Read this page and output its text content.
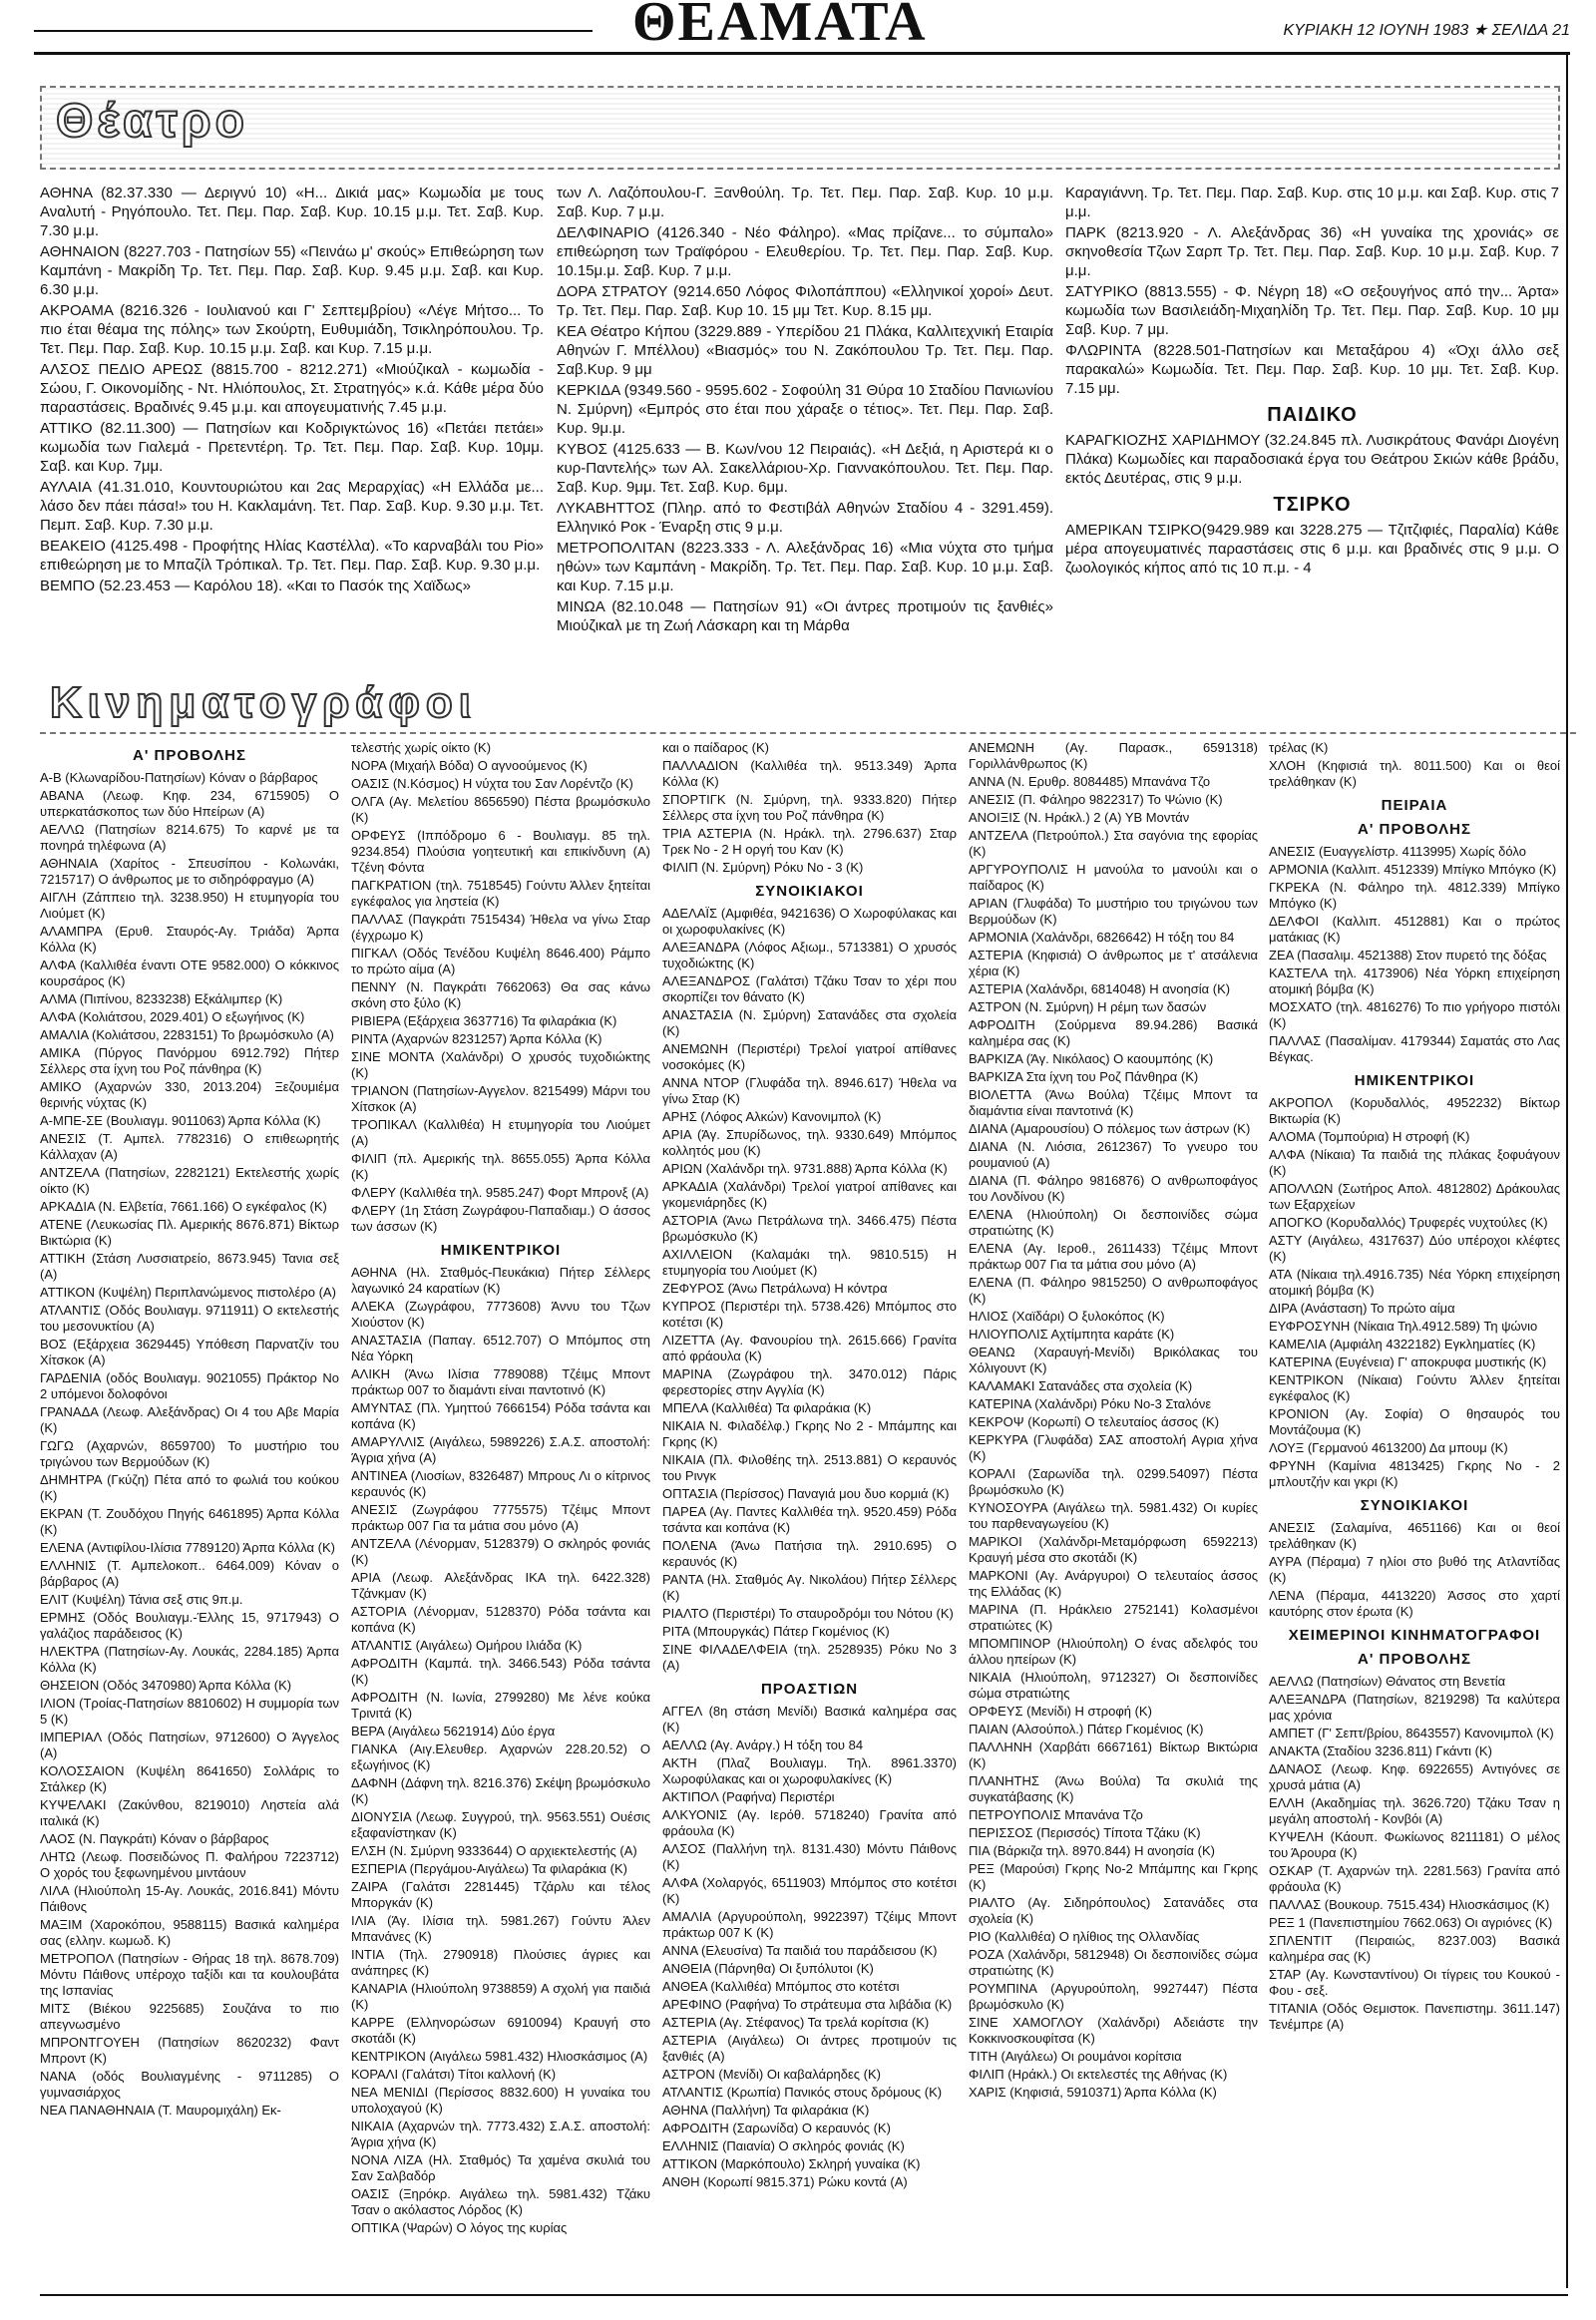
ΘΕΑΜΑΤΑ	ΚΥΡΙΑΚΗ 12 ΙΟΥΝΗ 1983 ★ ΣΕΛΙΔΑ 21
Θέατρο

ΑΘΗΝΑ (82.37.330 — Δεριγνύ 10) «Η... Δικιά μας» Κωμωδία με τους Αναλυτή - Ρηγόπουλο. Τετ. Πεμ. Παρ. Σαβ. Κυρ. 10.15 μ.μ. Τετ. Σαβ. Κυρ. 7.30 μ.μ.

ΑΘΗΝΑΙΟΝ (8227.703 - Πατησίων 55) «Πεινάω μ' σκούς» Επιθεώρηση των Καμπάνη - Μακρίδη Τρ. Τετ. Πεμ. Παρ. Σαβ. Κυρ. 9.45 μ.μ. Σαβ. και Κυρ. 6.30 μ.μ.

ΑΚΡΟΑΜΑ (8216.326 - Ιουλιανού και Γ' Σεπτεμβρίου) «Λέγε Μήτσο... Το πιο έται θέαμα της πόλης» των Σκούρτη, Ευθυμιάδη, Τσικληρόπουλου. Τρ. Τετ. Πεμ. Παρ. Σαβ. Κυρ. 10.15 μ.μ. Σαβ. και Κυρ. 7.15 μ.μ.

ΑΛΣΟΣ ΠΕΔΙΟ ΑΡΕΩΣ (8815.700 - 8212.271) «Μιούζικαλ - κωμωδία - Σώου, Γ. Οικονομίδης - Ντ. Ηλιόπουλος, Στ. Στρατηγός» κ.ά. Κάθε μέρα δύο παραστάσεις. Βραδινές 9.45 μ.μ. και απογευματινής 7.45 μ.μ.

ΑΤΤΙΚΟ (82.11.300) — Πατησίων και Κοδριγκτώνος 16) «Πετάει πετάει» κωμωδία των Γιαλεμά - Πρετεντέρη. Τρ. Τετ. Πεμ. Παρ. Σαβ. Κυρ. 10μμ. Σαβ. και Κυρ. 7μμ.

ΑΥΛΑΙΑ (41.31.010, Κουντουριώτου και 2ας Μεραρχίας) «Η Ελλάδα με... λάσο δεν πάει πάσα!» του Η. Κακλαμάνη. Τετ. Παρ. Σαβ. Κυρ. 9.30 μ.μ. Τετ. Πεμπ. Σαβ. Κυρ. 7.30 μ.μ.

ΒΕΑΚΕΙΟ (4125.498 - Προφήτης Ηλίας Καστέλλα). «Το καρναβάλι του Pio» επιθεώρηση με το Μπαζίλ Τρόπικαλ. Τρ. Τετ. Πεμ. Παρ. Σαβ. Κυρ. 9.30 μ.μ.

ΒΕΜΠΟ (52.23.453 — Καρόλου 18). «Και το Πασόκ της Χαϊδως»

των Λ. Λαζόπουλου-Γ. Ξανθούλη. Τρ. Τετ. Πεμ. Παρ. Σαβ. Κυρ. 10 μ.μ. Σαβ. Κυρ. 7 μ.μ.

ΔΕΛΦΙΝΑΡΙΟ (4126.340 - Νέο Φάληρο). «Μας πρίζανε... το σύμπαλο» επιθεώρηση των Τραϊφόρου - Ελευθερίου. Τρ. Τετ. Πεμ. Παρ. Σαβ. Κυρ. 10.15μ.μ. Σαβ. Κυρ. 7 μ.μ.

ΔΟΡΑ ΣΤΡΑΤΟΥ (9214.650 Λόφος Φιλοπάππου) «Ελληνικοί χοροί» Δευτ. Τρ. Τετ. Πεμ. Παρ. Σαβ. Κυρ 10. 15 μμ Τετ. Κυρ. 8.15 μμ.

ΚΕΑ Θέατρο Κήπου (3229.889 - Υπερίδου 21 Πλάκα, Καλλιτεχνική Εταιρία Αθηνών Γ. Μπέλλου) «Βιασμός» του Ν. Ζακόπουλου Τρ. Τετ. Πεμ. Παρ. Σαβ.Κυρ. 9 μμ

ΚΕΡΚΙΔΑ (9349.560 - 9595.602 - Σοφούλη 31 Θύρα 10 Σταδίου Πανιωνίου Ν. Σμύρνη) «Εμπρός στο έται που χάραξε ο τέτιος». Τετ. Πεμ. Παρ. Σαβ. Κυρ. 9μ.μ.

ΚΥΒΟΣ (4125.633 — Β. Κων/νου 12 Πειραιάς). «Η Δεξιά, η Αριστερά κι ο κυρ-Παντελής» των Αλ. Σακελλάριου-Χρ. Γιαννακόπουλου. Τετ. Πεμ. Παρ. Σαβ. Κυρ. 9μμ. Τετ. Σαβ. Κυρ. 6μμ.

ΛΥΚΑΒΗΤΤΟΣ (Πληρ. από το Φεστιβάλ Αθηνών Σταδίου 4 - 3291.459). Ελληνικό Ροκ - Έναρξη στις 9 μ.μ.

ΜΕΤΡΟΠΟΛΙΤΑΝ (8223.333 - Λ. Αλεξάνδρας 16) «Μια νύχτα στο τμήμα ηθών» των Καμπάνη - Μακρίδη. Τρ. Τετ. Πεμ. Παρ. Σαβ. Κυρ. 10 μ.μ. Σαβ. και Κυρ. 7.15 μ.μ.

ΜΙΝΩΑ (82.10.048 — Πατησίων 91) «Οι άντρες προτιμούν τις ξανθιές» Μιούζικαλ με τη Ζωή Λάσκαρη και τη Μάρθα

Καραγιάννη. Τρ. Τετ. Πεμ. Παρ. Σαβ. Κυρ. στις 10 μ.μ. και Σαβ. Κυρ. στις 7 μ.μ.

ΠΑΡΚ (8213.920 - Λ. Αλεξάνδρας 36) «Η γυναίκα της χρονιάς» σε σκηνοθεσία Τζων Σαρπ Τρ. Τετ. Πεμ. Παρ. Σαβ. Κυρ. 10 μ.μ. Σαβ. Κυρ. 7 μ.μ.

ΣΑΤΥΡΙΚΟ (8813.555) - Φ. Νέγρη 18) «Ο σεξουγήνος από την... Άρτα» κωμωδία των Βασιλειάδη-Μιχαηλίδη Τρ. Τετ. Πεμ. Παρ. Σαβ. Κυρ. 10 μμ Σαβ. Κυρ. 7 μμ.

ΦΛΩΡΙΝΤΑ (8228.501-Πατησίων και Μεταξάρου 4) «Όχι άλλο σεξ παρακαλώ» Κωμωδία. Τετ. Πεμ. Παρ. Σαβ. Κυρ. 10 μμ. Τετ. Σαβ. Κυρ. 7.15 μμ.

ΠΑΙΔΙΚΟ

ΚΑΡΑΓΚΙΟΖΗΣ ΧΑΡΙΔΗΜΟΥ (32.24.845 πλ. Λυσικράτους Φανάρι Διογένη Πλάκα) Κωμωδίες και παραδοσιακά έργα του Θεάτρου Σκιών κάθε βράδυ, εκτός Δευτέρας, στις 9 μ.μ.

ΤΣΙΡΚΟ

ΑΜΕΡΙΚΑΝ ΤΣΙΡΚΟ(9429.989 και 3228.275 — Τζιτζιφιές, Παραλία) Κάθε μέρα απογευματινές παραστάσεις στις 6 μ.μ. και βραδινές στις 9 μ.μ. Ο ζωολογικός κήπος από τις 10 π.μ. - 4

Κινηματογράφοι
Α' ΠΡΟΒΟΛΗΣ

Α-Β (Κλωναρίδου-Πατησίων) Κόναν ο βάρβαρος

ΑΒΑΝΑ (Λεωφ. Κηφ. 234, 6715905) Ο υπερκατάσκοπος των δύο Ηπείρων (Α)

ΑΕΛΛΩ (Πατησίων 8214.675) Το καρνέ με τα πονηρά τηλέφωνα (Α)

ΑΘΗΝΑΙΑ (Χαρίτος - Σπευσίπου - Κολωνάκι, 7215717) Ο άνθρωπος με το σιδηρόφραγμο (Α)

ΑΙΓΛΗ (Ζάππειο τηλ. 3238.950) Η ετυμηγορία του Λιούμετ (Κ)

ΑΛΑΜΠΡΑ (Ερυθ. Σταυρός-Αγ. Τριάδα) Άρπα Κόλλα (Κ)

ΑΛΦΑ (Καλλιθέα έναντι ΟΤΕ 9582.000) Ο κόκκινος κουρσάρος (Κ)

ΑΛΜΑ (Πιπίνου, 8233238) Εξκάλιμπερ (Κ)

ΑΛΦΑ (Κολιάτσου, 2029.401) Ο εξωγήινος (Κ)

ΑΜΑΛΙΑ (Κολιάτσου, 2283151) Το βρωμόσκυλο (Α)

ΑΜΙΚΑ (Πύργος Πανόρμου 6912.792) Πήτερ Σέλλερς στα ίχνη του Ροζ πάνθηρα (Κ)

ΑΜΙΚΟ (Αχαρνών 330, 2013.204) Ξεζουμιέμα θερινής νύχτας (Κ)

Α-ΜΠΕ-ΣΕ (Βουλιαγμ. 9011063) Άρπα Κόλλα (Κ)

ΑΝΕΣΙΣ (Τ. Αμπελ. 7782316) Ο επιθεωρητής Κάλλαχαν (Α)

ΑΝΤΖΕΛΑ (Πατησίων, 2282121) Εκτελεστής χωρίς οίκτο (Κ)

ΑΡΚΑΔΙΑ (Ν. Ελβετία, 7661.166) Ο εγκέφαλος (Κ)

ΑΤΕΝΕ (Λευκωσίας Πλ. Αμερικής 8676.871) Βίκτωρ Βικτώρια (Κ)

ΑΤΤΙΚΗ (Στάση Λυσσιατρείο, 8673.945) Τανια σεξ (Α)

ΑΤΤΙΚΟΝ (Κυψέλη) Περιπλανώμενος πιστολέρο (Α)

ΑΤΛΑΝΤΙΣ (Οδός Βουλιαγμ. 9711911) Ο εκτελεστής του μεσονυκτίου (Α)

ΒΟΣ (Εξάρχεια 3629445) Υπόθεση Παρνατζίν του Χίτσκοκ (Α)

ΓΑΡΔΕΝΙΑ (οδός Βουλιαγμ. 9021055) Πράκτορ Νο 2 υπόμενοι δολοφόνοι

ΓΡΑΝΑΔΑ (Λεωφ. Αλεξάνδρας) Οι 4 του Αβε Μαρία (Κ)

ΓΩΓΩ (Αχαρνών, 8659700) Το μυστήριο του τριγώνου των Βερμούδων (Κ)

ΔΗΜΗΤΡΑ (Γκύζη) Πέτα από το φωλιά του κούκου (Κ)

ΕΚΡΑΝ (Τ. Ζουδόχου Πηγής 6461895) Άρπα Κόλλα (Κ)

ΕΛΕΝΑ (Αντιφίλου-Ιλίσια 7789120) Άρπα Κόλλα (Κ)

ΕΛΛΗΝΙΣ (Τ. Αμπελοκοπ.. 6464.009) Κόναν ο βάρβαρος (Α)

ΕΛΙΤ (Κυψέλη) Τάνια σεξ στις 9π.μ.

ΕΡΜΗΣ (Οδός Βουλιαγμ.-Έλλης 15, 9717943) Ο γαλάζιος παράδεισος (Κ)

ΗΛΕΚΤΡΑ (Πατησίων-Αγ. Λουκάς, 2284.185) Άρπα Κόλλα (Κ)

ΘΗΣΕΙΟΝ (Οδός 3470980) Άρπα Κόλλα (Κ)

ΙΛΙΟΝ (Τροίας-Πατησίων 8810602) Η συμμορία των 5 (Κ)

ΙΜΠΕΡΙΑΛ (Οδός Πατησίων, 9712600) Ο Άγγελος (Α)

ΚΟΛΟΣΣΑΙΟΝ (Κυψέλη 8641650) Σολλάρις το Στάλκερ (Κ)

ΚΥΨΕΛΑΚΙ (Ζακύνθου, 8219010) Ληστεία αλά ιταλικά (Κ)

ΛΑΟΣ (Ν. Παγκράτι) Κόναν ο βάρβαρος

ΛΗΤΩ (Λεωφ. Ποσειδώνος Π. Φαλήρου 7223712) Ο χορός του ξεφωνημένου μιντάουν

ΛΙΛΑ (Ηλιούπολη 15-Αγ. Λουκάς, 2016.841) Μόντυ Πάιθονς

ΜΑΞΙΜ (Χαροκόπου, 9588115) Βασικά καλημέρα σας (ελλην. κωμωδ. Κ)

ΜΕΤΡΟΠΟΛ (Πατησίων - Θήρας 18 τηλ. 8678.709) Μόντυ Πάιθονς υπέροχο ταξίδι και τα κουλουβάτα της Ισπανίας

ΜΙΤΣ (Βιέκου 9225685) Σουζάνα το πιο απεγνωσμένο

ΜΠΡΟΝΤΓΟΥΕΗ (Πατησίων 8620232) Φαντ Μπροντ (Κ)

ΝΑΝΑ (οδός Βουλιαγμένης - 9711285) Ο γυμνασιάρχος

ΝΕΑ ΠΑΝΑΘΗΝΑΙΑ (Τ. Μαυρομιχάλη) Εκ-

τελεστής χωρίς οίκτο (Κ)

ΝΟΡΑ (Μιχαήλ Βόδα) Ο αγνοούμενος (Κ)

ΟΑΣΙΣ (Ν.Κόσμος) Η νύχτα του Σαν Λορέντζο (Κ)

ΟΛΓΑ (Αγ. Μελετίου 8656590) Πέστα βρωμόσκυλο (Κ)

ΟΡΦΕΥΣ (Ιππόδρομο 6 - Βουλιαγμ. 85 τηλ. 9234.854) Πλούσια γοητευτική και επικίνδυνη (Α) Τζένη Φόντα

ΠΑΓΚΡΑΤΙΟΝ (τηλ. 7518545) Γούντυ Άλλεν ξητείται εγκέφαλος για ληστεία (Κ)

ΠΑΛΛΑΣ (Παγκράτι 7515434) Ήθελα να γίνω Σταρ (έγχρωμο Κ)

ΠΙΓΚΑΛ (Οδός Τενέδου Κυψέλη 8646.400) Ράμπο το πρώτο αίμα (Α)

ΠΕΝΝΥ (Ν. Παγκράτι 7662063) Θα σας κάνω σκόνη στο ξύλο (Κ)

ΡΙΒΙΕΡΑ (Εξάρχεια 3637716) Τα φιλαράκια (Κ)

ΡΙΝΤΑ (Αχαρνών 8231257) Άρπα Κόλλα (Κ)

ΣΙΝΕ ΜΟΝΤΑ (Χαλάνδρι) Ο χρυσός τυχοδιώκτης (Κ)

ΤΡΙΑΝΟΝ (Πατησίων-Αγγελον. 8215499) Μάρνι του Χίτσκοκ (Α)

ΤΡΟΠΙΚΑΛ (Καλλιθέα) Η ετυμηγορία του Λιούμετ (Α)

ΦΙΛΙΠ (πλ. Αμερικής τηλ. 8655.055) Άρπα Κόλλα (Κ)

ΦΛΕΡΥ (Καλλιθέα τηλ. 9585.247) Φορτ Μπρονξ (Α)

ΦΛΕΡΥ (1η Στάση Ζωγράφου-Παπαδιαμ.) Ο άσσος των άσσων (Κ)

ΗΜΙΚΕΝΤΡΙΚΟΙ

ΑΘΗΝΑ (Ηλ. Σταθμός-Πευκάκια) Πήτερ Σέλλερς λαγωνικό 24 καρατίων (Κ)

ΑΛΕΚΑ (Ζωγράφου, 7773608) Άννυ του Τζων Χιούστον (Κ)

ΑΝΑΣΤΑΣΙΑ (Παπαγ. 6512.707) Ο Μπόμπος στη Νέα Υόρκη

ΑΛΙΚΗ (Άνω Ιλίσια 7789088) Τζέιμς Μποντ πράκτωρ 007 το διαμάντι είναι παντοτινό (Κ)

ΑΜΥΝΤΑΣ (Πλ. Υμηττού 7666154) Ρόδα τσάντα και κοπάνα (Κ)

ΑΜΑΡΥΛΛΙΣ (Αιγάλεω, 5989226) Σ.Α.Σ. αποστολή: Άγρια χήνα (Α)

ΑΝΤΙΝΕΑ (Λιοσίων, 8326487) Μπρους Λι ο κίτρινος κεραυνός (Κ)

ΑΝΕΣΙΣ (Ζωγράφου 7775575) Τζέιμς Μποντ πράκτωρ 007 Για τα μάτια σου μόνο (Α)

ΑΝΤΖΕΛΑ (Λένορμαν, 5128379) Ο σκληρός φονιάς (Κ)

ΑΡΙΑ (Λεωφ. Αλεξάνδρας ΙΚΑ τηλ. 6422.328) Τζάνκμαν (Κ)

ΑΣΤΟΡΙΑ (Λένορμαν, 5128370) Ρόδα τσάντα και κοπάνα (Κ)

ΑΤΛΑΝΤΙΣ (Αιγάλεω) Ομήρου Ιλιάδα (Κ)

ΑΦΡΟΔΙΤΗ (Καμπά. τηλ. 3466.543) Ρόδα τσάντα (Κ)

ΑΦΡΟΔΙΤΗ (Ν. Ιωνία, 2799280) Με λένε κούκα Τρινιτά (Κ)

ΒΕΡΑ (Αιγάλεω 5621914) Δύο έργα

ΓΙΑΝΚΑ (Αιγ.Ελευθερ. Αχαρνών 228.20.52) Ο εξωγήινος (Κ)

ΔΑΦΝΗ (Δάφνη τηλ. 8216.376) Σκέψη βρωμόσκυλο (Κ)

ΔΙΟΝΥΣΙΑ (Λεωφ. Συγγρού, τηλ. 9563.551) Ουέσις εξαφανίστηκαν (Κ)

ΕΛΣΗ (Ν. Σμύρνη 9333644) Ο αρχιεκτελεστής (Α)

ΕΣΠΕΡΙΑ (Περγάμου-Αιγάλεω) Τα φιλαράκια (Κ)

ΖΑΙΡΑ (Γαλάτσι 2281445) Τζάρλυ και τέλος Μποργκάν (Κ)

ΙΛΙΑ (Άγ. Ιλίσια τηλ. 5981.267) Γούντυ Άλεν Μπανάνες (Κ)

ΙΝΤΙΑ (Τηλ. 2790918) Πλούσιες άγριες και ανάπηρες (Κ)

ΚΑΝΑΡΙΑ (Ηλιούπολη 9738859) Α σχολή για παιδιά (Κ)

ΚΑΡΡΕ (Ελληνορώσων 6910094) Κραυγή στο σκοτάδι (Κ)

ΚΕΝΤΡΙΚΟΝ (Αιγάλεω 5981.432) Ηλιοσκάσιμος (Α)

ΚΟΡΑΛΙ (Γαλάτσι) Τίτοι καλλονή (Κ)

ΝΕΑ ΜΕΝΙΔΙ (Περίσσος 8832.600) Η γυναίκα του υπολοχαγού (Κ)

ΝΙΚΑΙΑ (Αχαρνών τηλ. 7773.432) Σ.Α.Σ. αποστολή: Άγρια χήνα (Κ)

ΝΟΝΑ ΛΙΖΑ (Ηλ. Σταθμός) Τα χαμένα σκυλιά του Σαν Σαλβαδόρ

ΟΑΣΙΣ (Ξηρόκρ. Αιγάλεω τηλ. 5981.432) Τζάκυ Τσαν ο ακόλαστος Λόρδος (Κ)

ΟΠΤΙΚΑ (Ψαρών) Ο λόγος της κυρίας

και ο παίδαρος (Κ)

ΠΑΛΛΑΔΙΟΝ (Καλλιθέα τηλ. 9513.349) Άρπα Κόλλα (Κ)

ΣΠΟΡΤΙΓΚ (Ν. Σμύρνη, τηλ. 9333.820) Πήτερ Σέλλερς στα ίχνη του Ροζ πάνθηρα (Κ)

ΤΡΙΑ ΑΣΤΕΡΙΑ (Ν. Ηράκλ. τηλ. 2796.637) Σταρ Τρεκ Νο - 2 Η οργή του Καν (Κ)

ΦΙΛΙΠ (Ν. Σμύρνη) Ρόκυ Νο - 3 (Κ)

ΣΥΝΟΙΚΙΑΚΟΙ

ΑΔΕΛΑΪΣ (Αμφιθέα, 9421636) Ο Χωροφύλακας και οι χωροφυλακίνες (Κ)

ΑΛΕΞΑΝΔΡΑ (Λόφος Αξιωμ., 5713381) Ο χρυσός τυχοδιώκτης (Κ)

ΑΛΕΞΑΝΔΡΟΣ (Γαλάτσι) Τζάκυ Τσαν το χέρι που σκορπίζει τον θάνατο (Κ)

ΑΝΑΣΤΑΣΙΑ (Ν. Σμύρνη) Σατανάδες στα σχολεία (Κ)

ΑΝΕΜΩΝΗ (Περιστέρι) Τρελοί γιατροί απίθανες νοσοκόμες (Κ)

ΑΝΝΑ ΝΤΟΡ (Γλυφάδα τηλ. 8946.617) Ήθελα να γίνω Σταρ (Κ)

ΑΡΗΣ (Λόφος Αλκών) Κανονιμπολ (Κ)

ΑΡΙΑ (Άγ. Σπυρίδωνος, τηλ. 9330.649) Μπόμπος κολλητός μου (Κ)

ΑΡΙΩΝ (Χαλάνδρι τηλ. 9731.888) Άρπα Κόλλα (Κ)

ΑΡΚΑΔΙΑ (Χαλάνδρι) Τρελοί γιατροί απίθανες και γκομενιάρηδες (Κ)

ΑΣΤΟΡΙΑ (Άνω Πετράλωνα τηλ. 3466.475) Πέστα βρωμόσκυλο (Κ)

ΑΧΙΛΛΕΙΟΝ (Καλαμάκι τηλ. 9810.515) Η ετυμηγορία του Λιούμετ (Κ)

ΖΕΦΥΡΟΣ (Άνω Πετράλωνα) Η κόντρα

ΚΥΠΡΟΣ (Περιστέρι τηλ. 5738.426) Μπόμπος στο κοτέτσι (Κ)

ΛΙΖΕΤΤΑ (Αγ. Φανουρίου τηλ. 2615.666) Γρανίτα από φράουλα (Κ)

ΜΑΡΙΝΑ (Ζωγράφου τηλ. 3470.012) Πάρις φερεστορίες στην Αγγλία (Κ)

ΜΠΕΛΑ (Καλλιθέα) Τα φιλαράκια (Κ)

ΝΙΚΑΙΑ Ν. Φιλαδέλφ.) Γκρης Νο 2 - Μπάμπης και Γκρης (Κ)

ΝΙΚΑΙΑ (Πλ. Φιλοθέης τηλ. 2513.881) Ο κεραυνός του Ρινγκ

ΟΠΤΑΣΙΑ (Περίσσος) Παναγιά μου δυο κορμιά (Κ)

ΠΑΡΕΑ (Αγ. Παντες Καλλιθέα τηλ. 9520.459) Ρόδα τσάντα και κοπάνα (Κ)

ΠΟΛΕΝΑ (Άνω Πατήσια τηλ. 2910.695) Ο κεραυνός (Κ)

ΡΑΝΤΑ (Ηλ. Σταθμός Αγ. Νικολάου) Πήτερ Σέλλερς (Κ)

ΡΙΑΛΤΟ (Περιστέρι) Το σταυροδρόμι του Νότου (Κ)

ΡΙΤΑ (Μπουργκάς) Πάτερ Γκομένιος (Κ)

ΣΙΝΕ ΦΙΛΑΔΕΛΦΕΙΑ (τηλ. 2528935) Ρόκυ Νο 3 (Α)

ΠΡΟΑΣΤΙΩΝ

ΑΓΓΕΛ (8η στάση Μενίδι) Βασικά καλημέρα σας (Κ)

ΑΕΛΛΩ (Αγ. Ανάργ.) Η τόξη του 84

ΑΚΤΗ (Πλαζ Βουλιαγμ. Τηλ. 8961.3370) Χωροφύλακας και οι χωροφυλακίνες (Κ)

ΑΚΤΙΠΟΛ (Ραφήνα) Περιστέρι

ΑΛΚΥΟΝΙΣ (Αγ. Ιερόθ. 5718240) Γρανίτα από φράουλα (Κ)

ΑΛΣΟΣ (Παλλήνη τηλ. 8131.430) Μόντυ Πάιθονς (Κ)

ΑΛΦΑ (Χολαργός, 6511903) Μπόμπος στο κοτέτσι (Κ)

ΑΜΑΛΙΑ (Αργυρούπολη, 9922397) Τζέιμς Μποντ πράκτωρ 007 Κ (Κ)

ΑΝΝΑ (Ελευσίνα) Τα παιδιά του παράδεισου (Κ)

ΑΝΘΕΙΑ (Πάρνηθα) Οι ξυπόλυτοι (Κ)

ΑΝΘΕΑ (Καλλιθέα) Μπόμπος στο κοτέτσι

ΑΡΕΦΙΝΟ (Ραφήνα) Το στράτευμα στα λιβάδια (Κ)

ΑΣΤΕΡΙΑ (Αγ. Στέφανος) Τα τρελά κορίτσια (Κ)

ΑΣΤΕΡΙΑ (Αιγάλεω) Οι άντρες προτιμούν τις ξανθιές (Α)

ΑΣΤΡΟΝ (Μενίδι) Οι καβαλάρηδες (Κ)

ΑΤΛΑΝΤΙΣ (Κρωπία) Πανικός στους δρόμους (Κ)

ΑΘΗΝΑ (Παλλήνη) Τα φιλαράκια (Κ)

ΑΦΡΟΔΙΤΗ (Σαρωνίδα) Ο κεραυνός (Κ)

ΕΛΛΗΝΙΣ (Παιανία) Ο σκληρός φονιάς (Κ)

ΑΤΤΙΚΟΝ (Μαρκόπουλο) Σκληρή γυναίκα (Κ)

ΑΝΘΗ (Κορωπί 9815.371) Ρώκυ κοντά (Α)

ΑΝΕΜΩΝΗ (Αγ. Παρασκ., 6591318) Γοριλλάνθρωπος (Κ)

ΑΝΝΑ (Ν. Ερυθρ. 8084485) Μπανάνα Τζο

ΑΝΕΣΙΣ (Π. Φάληρο 9822317) Το Ψώνιο (Κ)

ΑΝΟΙΞΙΣ (Ν. Ηράκλ.) 2 (Α) ΥΒ Μοντάν

ΑΝΤΖΕΛΑ (Πετρούπολ.) Στα σαγόνια της εφορίας (Κ)

ΑΡΓΥΡΟΥΠΟΛΙΣ Η μανούλα το μανούλι και ο παίδαρος (Κ)

ΑΡΙΑΝ (Γλυφάδα) Το μυστήριο του τριγώνου των Βερμούδων (Κ)

ΑΡΜΟΝΙΑ (Χαλάνδρι, 6826642) Η τόξη του 84

ΑΣΤΕΡΙΑ (Κηφισιά) Ο άνθρωπος με τ' ατσάλενια χέρια (Κ)

ΑΣΤΕΡΙΑ (Χαλάνδρι, 6814048) Η ανοησία (Κ)

ΑΣΤΡΟΝ (Ν. Σμύρνη) Η ρέμη των δασών

ΑΦΡΟΔΙΤΗ (Σούρμενα 89.94.286) Βασικά καλημέρα σας (Κ)

ΒΑΡΚΙΖΑ (Άγ. Νικόλαος) Ο καουμπόης (Κ)

ΒΑΡΚΙΖΑ Στα ίχνη του Ροζ Πάνθηρα (Κ)

ΒΙΟΛΕΤΤΑ (Άνω Βούλα) Τζέιμς Μποντ τα διαμάντια είναι παντοτινά (Κ)

ΔΙΑΝΑ (Αμαρουσίου) Ο πόλεμος των άστρων (Κ)

ΔΙΑΝΑ (Ν. Λιόσια, 2612367) Το γνευρο του ρουμανιού (Α)

ΔΙΑΝΑ (Π. Φάληρο 9816876) Ο ανθρωποφάγος του Λονδίνου (Κ)

ΕΛΕΝΑ (Ηλιούπολη) Οι δεσποινίδες σώμα στρατιώτης (Κ)

ΕΛΕΝΑ (Αγ. Ιεροθ., 2611433) Τζέιμς Μποντ πράκτωρ 007 Για τα μάτια σου μόνο (Α)

ΕΛΕΝΑ (Π. Φάληρο 9815250) Ο ανθρωποφάγος (Κ)

ΗΛΙΟΣ (Χαϊδάρι) Ο ξυλοκόπος (Κ)

ΗΛΙΟΥΠΟΛΙΣ Αχτίμπητα καράτε (Κ)

ΘΕΑΝΩ (Χαραυγή-Μενίδι) Βρικόλακας του Χόλιγουντ (Κ)

ΚΑΛΑΜΑΚΙ Σατανάδες στα σχολεία (Κ)

ΚΑΤΕΡΙΝΑ (Χαλάνδρι) Ρόκυ Νο-3 Σταλόνε

ΚΕΚΡΟΨ (Κορωπί) Ο τελευταίος άσσος (Κ)

ΚΕΡΚΥΡΑ (Γλυφάδα) ΣΑΣ αποστολή Αγρια χήνα (Κ)

ΚΟΡΑΛΙ (Σαρωνίδα τηλ. 0299.54097) Πέστα βρωμόσκυλο (Κ)

ΚΥΝΟΣΟΥΡΑ (Αιγάλεω τηλ. 5981.432) Οι κυρίες του παρθεναγωγείου (Κ)

ΜΑΡΙΚΟΙ (Χαλάνδρι-Μεταμόρφωση 6592213) Κραυγή μέσα στο σκοτάδι (Κ)

ΜΑΡΚΟΝΙ (Αγ. Ανάργυροι) Ο τελευταίος άσσος της Ελλάδας (Κ)

ΜΑΡΙΝΑ (Π. Ηράκλειο 2752141) Κολασμένοι στρατιώτες (Κ)

ΜΠΟΜΠΙΝΟΡ (Ηλιούπολη) Ο ένας αδελφός του άλλου ηπείρων (Κ)

ΝΙΚΑΙΑ (Ηλιούπολη, 9712327) Οι δεσποινίδες σώμα στρατιώτης

ΟΡΦΕΥΣ (Μενίδι) Η στροφή (Κ)

ΠΑΙΑΝ (Αλσούπολ.) Πάτερ Γκομένιος (Κ)

ΠΑΛΛΗΝΗ (Χαρβάτι 6667161) Βίκτωρ Βικτώρια (Κ)

ΠΛΑΝΗΤΗΣ (Άνω Βούλα) Τα σκυλιά της συγκατάβασης (Κ)

ΠΕΤΡΟΥΠΟΛΙΣ Μπανάνα Τζο

ΠΕΡΙΣΣΟΣ (Περισσός) Τίποτα Τζάκυ (Κ)

ΠΙΑ (Βάρκιζα τηλ. 8970.844) Η ανοησία (Κ)

ΡΕΞ (Μαρούσι) Γκρης Νο-2 Μπάμπης και Γκρης (Κ)

ΡΙΑΛΤΟ (Αγ. Σιδηρόπουλος) Σατανάδες στα σχολεία (Κ)

ΡΙΟ (Καλλιθέα) Ο ηλίθιος της Ολλανδίας

ΡΟΖΑ (Χαλάνδρι, 5812948) Οι δεσποινίδες σώμα στρατιώτης (Κ)

ΡΟΥΜΠΙΝΑ (Αργυρούπολη, 9927447) Πέστα βρωμόσκυλο (Κ)

ΣΙΝΕ ΧΑΜΟΓΛΟΥ (Χαλάνδρι) Αδειάστε την Κοκκινοσκουφίτσα (Κ)

ΤΙΤΗ (Αιγάλεω) Οι ρουμάνοι κορίτσια

ΦΙΛΙΠ (Ηράκλ.) Οι εκτελεστές της Αθήνας (Κ)

ΧΑΡΙΣ (Κηφισιά, 5910371) Άρπα Κόλλα (Κ)

τρέλας (Κ)

ΧΛΟΗ (Κηφισιά τηλ. 8011.500) Και οι θεοί τρελάθηκαν (Κ)

ΠΕΙΡΑΙΑ
Α' ΠΡΟΒΟΛΗΣ

ΑΝΕΣΙΣ (Ευαγγελίστρ. 4113995) Χωρίς δόλο

ΑΡΜΟΝΙΑ (Καλλιπ. 4512339) Μπίγκο Μπόγκο (Κ)

ΓΚΡΕΚΑ (Ν. Φάληρο τηλ. 4812.339) Μπίγκο Μπόγκο (Κ)

ΔΕΛΦΟΙ (Καλλιπ. 4512881) Και ο πρώτος ματάκιας (Κ)

ΖΕΑ (Πασαλιμ. 4521388) Στον πυρετό της δόξας

ΚΑΣΤΕΛΑ τηλ. 4173906) Νέα Υόρκη επιχείρηση ατομική βόμβα (Κ)

ΜΟΣΧΑΤΟ (τηλ. 4816276) Το πιο γρήγορο πιστόλι (Κ)

ΠΑΛΛΑΣ (Πασαλίμαν. 4179344) Σαματάς στο Λας Βέγκας.

ΗΜΙΚΕΝΤΡΙΚΟΙ

ΑΚΡΟΠΟΛ (Κορυδαλλός, 4952232) Βίκτωρ Βικτωρία (Κ)

ΑΛΟΜΑ (Τομπούρια) Η στροφή (Κ)

ΑΛΦΑ (Νίκαια) Τα παιδιά της πλάκας ξοφυάγουν (Κ)

ΑΠΟΛΛΩΝ (Σωτήρος Απολ. 4812802) Δράκουλας των Εξαρχείων

ΑΠΟΓΚΟ (Κορυδαλλός) Τρυφερές νυχτούλες (Κ)

ΑΣΤΥ (Αιγάλεω, 4317637) Δύο υπέροχοι κλέφτες (Κ)

ΑΤΑ (Νίκαια τηλ.4916.735) Νέα Υόρκη επιχείρηση ατομική βόμβα (Κ)

ΔΙΡΑ (Ανάσταση) Το πρώτο αίμα

ΕΥΦΡΟΣΥΝΗ (Νίκαια Τηλ.4912.589) Τη ψώνιο

ΚΑΜΕΛΙΑ (Αμφιάλη 4322182) Εγκληματίες (Κ)

ΚΑΤΕΡΙΝΑ (Ευγένεια) Γ' αποκρυφα μυστικής (Κ)

ΚΕΝΤΡΙΚΟΝ (Νίκαια) Γούντυ Άλλεν ξητείται εγκέφαλος (Κ)

ΚΡΟΝΙΟΝ (Αγ. Σοφία) Ο θησαυρός του Μοντάζουμα (Κ)

ΛΟΥΞ (Γερμανού 4613200) Δα μπουμ (Κ)

ΦΡΥΝΗ (Καμίνια 4813425) Γκρης Νο - 2 μπλουτζήν και γκρι (Κ)

ΣΥΝΟΙΚΙΑΚΟΙ

ΑΝΕΣΙΣ (Σαλαμίνα, 4651166) Και οι θεοί τρελάθηκαν (Κ)

ΑΥΡΑ (Πέραμα) 7 ηλίοι στο βυθό της Ατλαντίδας (Κ)

ΛΕΝΑ (Πέραμα, 4413220) Άσσος στο χαρτί καυτόρης στον έρωτα (Κ)

ΧΕΙΜΕΡΙΝΟΙ ΚΙΝΗΜΑΤΟΓΡΑΦΟΙ
Α' ΠΡΟΒΟΛΗΣ

ΑΕΛΛΩ (Πατησίων) Θάνατος στη Βενετία

ΑΛΕΞΑΝΔΡΑ (Πατησίων, 8219298) Τα καλύτερα μας χρόνια

ΑΜΠΕΤ (Γ' Σεπτ/βρίου, 8643557) Κανονιμπολ (Κ)

ΑΝΑΚΤΑ (Σταδίου 3236.811) Γκάντι (Κ)

ΔΑΝΑΟΣ (Λεωφ. Κηφ. 6922655) Αντιγόνες σε χρυσά μάτια (Α)

ΕΛΛΗ (Ακαδημίας τηλ. 3626.720) Τζάκυ Τσαν η μεγάλη αποστολή - Κονβόι (Α)

ΚΥΨΕΛΗ (Κάουπ. Φωκίωνος 8211181) Ο μέλος του Άρουρα (Κ)

ΟΣΚΑΡ (Τ. Αχαρνών τηλ. 2281.563) Γρανίτα από φράουλα (Κ)

ΠΑΛΛΑΣ (Βουκουρ. 7515.434) Ηλιοσκάσιμος (Κ)

ΡΕΞ 1 (Πανεπιστημίου 7662.063) Οι αγριόνες (Κ)

ΣΠΛΕΝΤΙΤ (Πειραιώς, 8237.003) Βασικά καλημέρα σας (Κ)

ΣΤΑΡ (Αγ. Κωνσταντίνου) Οι τίγρεις του Κουκού - Φου - σεξ.

ΤΙΤΑΝΙΑ (Οδός Θεμιστοκ. Πανεπιστημ. 3611.147) Τενέμπρε (Α)
